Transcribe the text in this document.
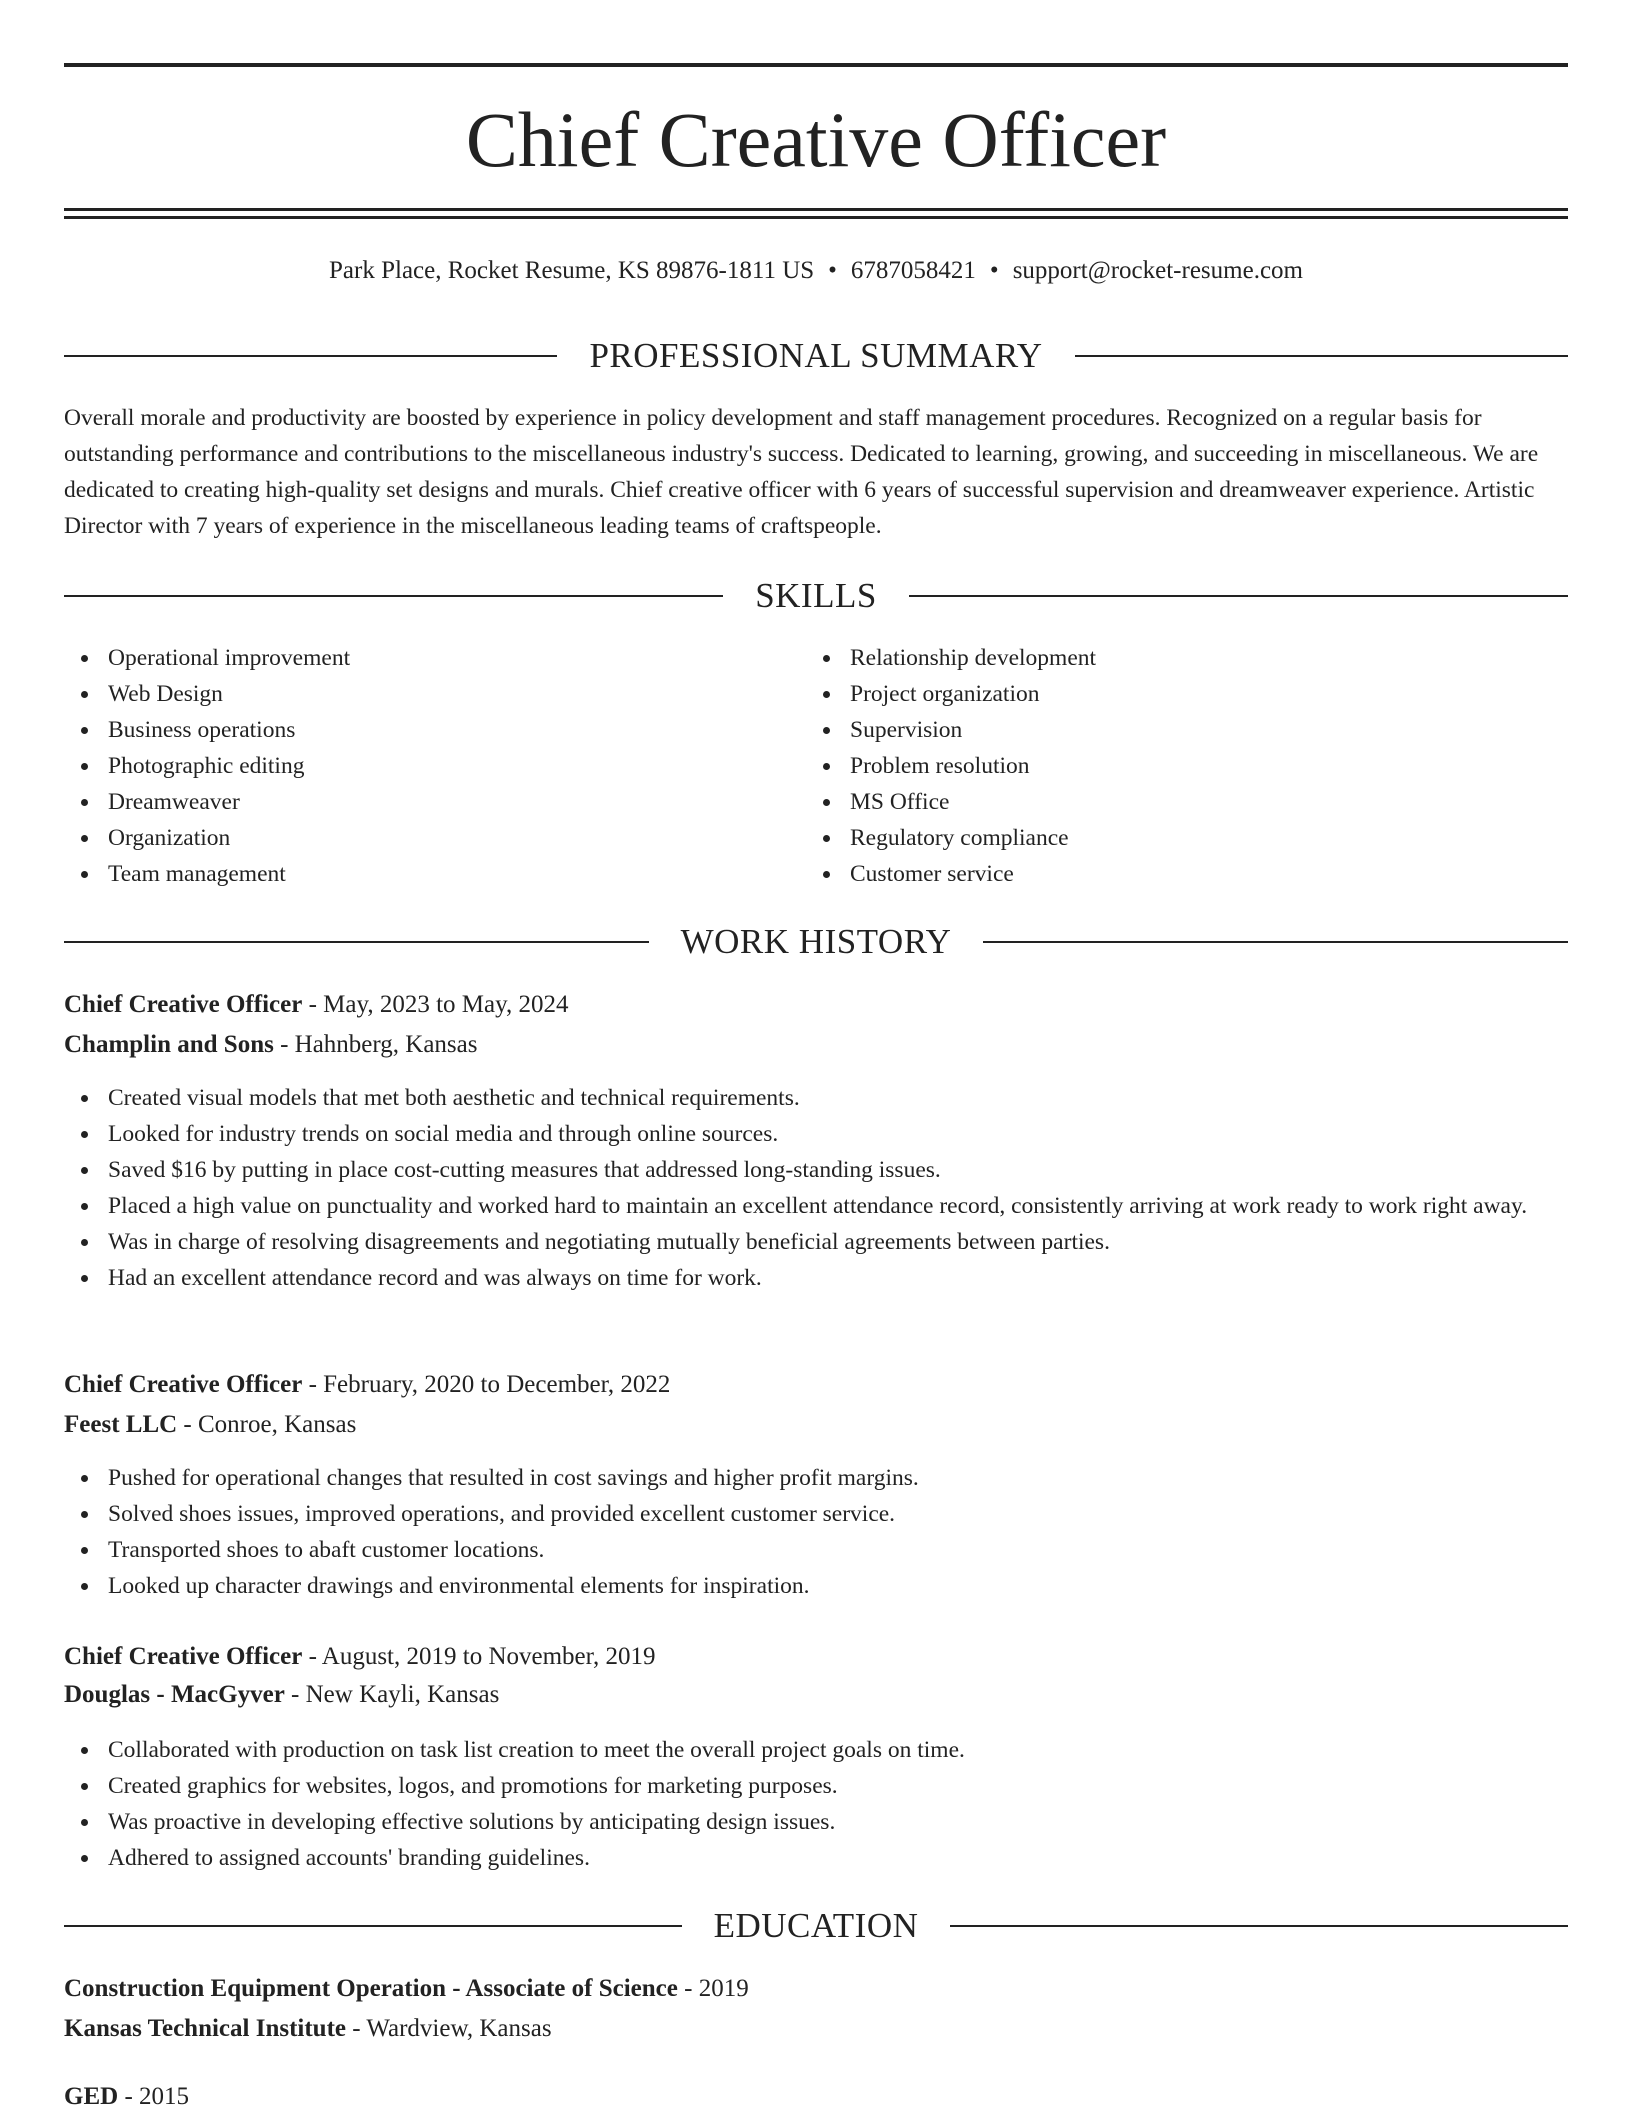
Chief Creative Officer
Park Place, Rocket Resume, KS 89876-1811 US • 6787058421 • support@rocket-resume.com
PROFESSIONAL SUMMARY

Overall morale and productivity are boosted by experience in policy development and staff management procedures. Recognized on a regular basis for outstanding performance and contributions to the miscellaneous industry's success. Dedicated to learning, growing, and succeeding in miscellaneous. We are dedicated to creating high-quality set designs and murals. Chief creative officer with 6 years of successful supervision and dreamweaver experience. Artistic Director with 7 years of experience in the miscellaneous leading teams of craftspeople.

SKILLS
Operational improvement
Web Design
Business operations
Photographic editing
Dreamweaver
Organization
Team management
Relationship development
Project organization
Supervision
Problem resolution
MS Office
Regulatory compliance
Customer service
WORK HISTORY
Chief Creative Officer - May, 2023 to May, 2024
Champlin and Sons - Hahnberg, Kansas
Created visual models that met both aesthetic and technical requirements.
Looked for industry trends on social media and through online sources.
Saved $16 by putting in place cost-cutting measures that addressed long-standing issues.
Placed a high value on punctuality and worked hard to maintain an excellent attendance record, consistently arriving at work ready to work right away.
Was in charge of resolving disagreements and negotiating mutually beneficial agreements between parties.
Had an excellent attendance record and was always on time for work.
Chief Creative Officer - February, 2020 to December, 2022
Feest LLC - Conroe, Kansas
Pushed for operational changes that resulted in cost savings and higher profit margins.
Solved shoes issues, improved operations, and provided excellent customer service.
Transported shoes to abaft customer locations.
Looked up character drawings and environmental elements for inspiration.
Chief Creative Officer - August, 2019 to November, 2019
Douglas - MacGyver - New Kayli, Kansas
Collaborated with production on task list creation to meet the overall project goals on time.
Created graphics for websites, logos, and promotions for marketing purposes.
Was proactive in developing effective solutions by anticipating design issues.
Adhered to assigned accounts' branding guidelines.
EDUCATION
Construction Equipment Operation - Associate of Science - 2019
Kansas Technical Institute - Wardview, Kansas
GED - 2015
